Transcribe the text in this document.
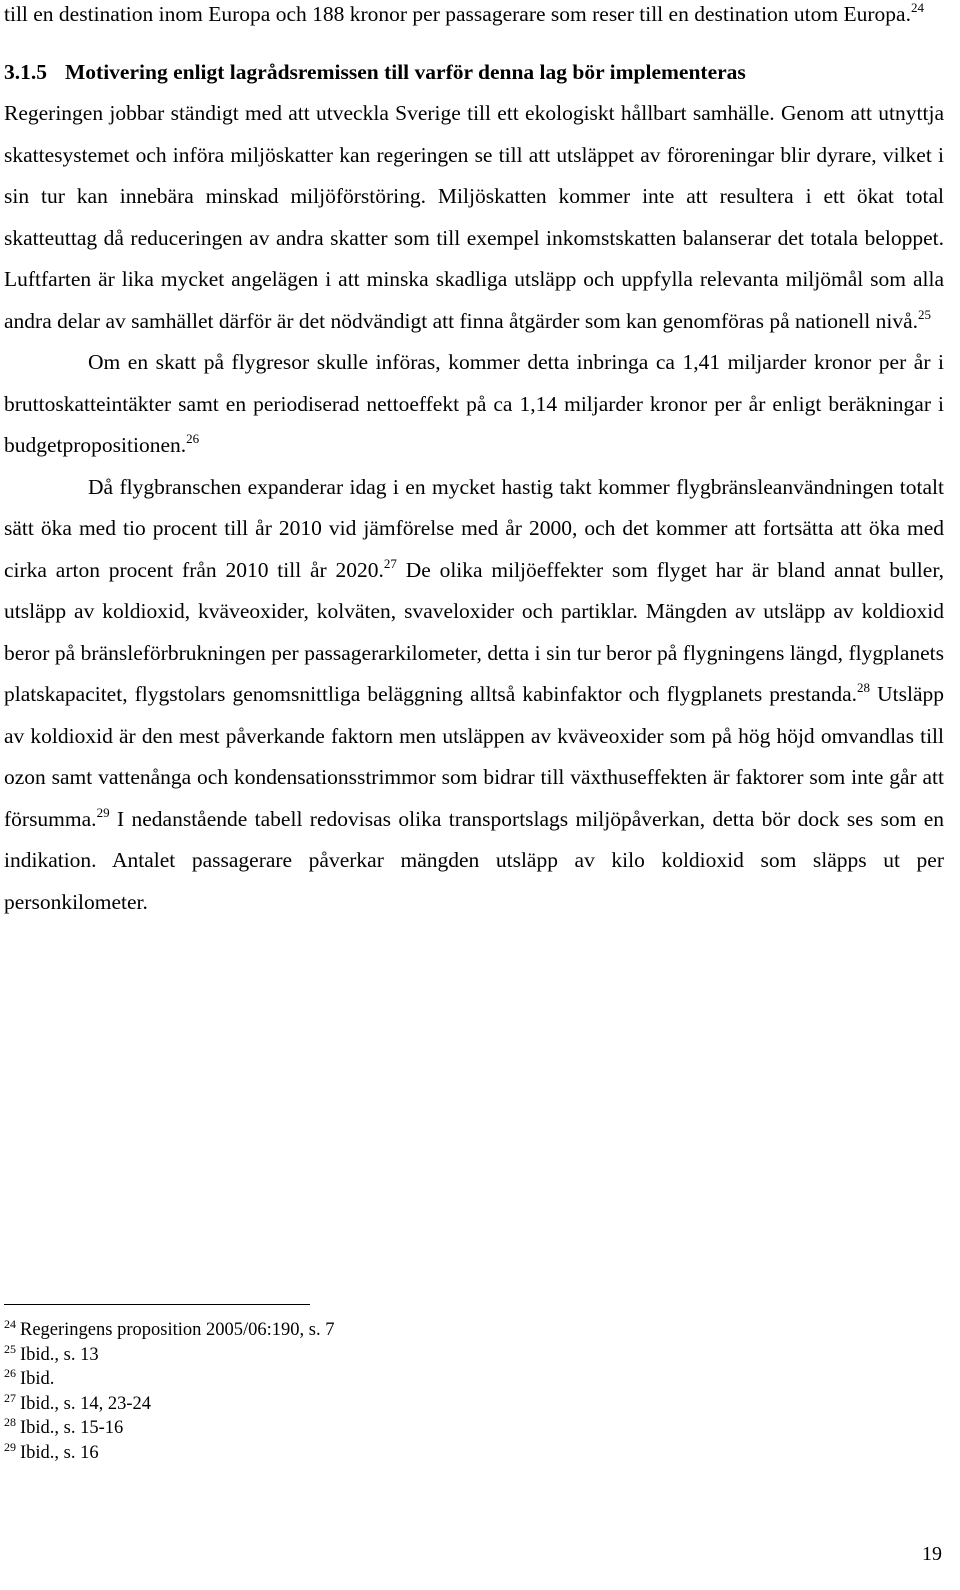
till en destination inom Europa och 188 kronor per passagerare som reser till en destination utom Europa.$^{24}$

3.1.5 Motivering enligt lagrådsremissen till varför denna lag bör implementeras

Regeringen jobbar ständigt med att utveckla Sverige till ett ekologiskt hållbart samhälle. Genom att utnyttja skattesystemet och införa miljöskatter kan regeringen se till att utsläppet av föroreningar blir dyrare, vilket i sin tur kan innebära minskad miljöförstöring. Miljöskatten kommer inte att resultera i ett ökat total skatteuttag då reduceringen av andra skatter som till exempel inkomstskatten balanserar det totala beloppet. Luftfarten är lika mycket angelägen i att minska skadliga utsläpp och uppfylla relevanta miljömål som alla andra delar av samhället därför är det nödvändigt att finna åtgärder som kan genomföras på nationell nivå.$^{25}$

Om en skatt på flygresor skulle införas, kommer detta inbringa ca 1,41 miljarder kronor per år i bruttoskatteintäkter samt en periodiserad nettoeffekt på ca 1,14 miljarder kronor per år enligt beräkningar i budgetpropositionen.$^{26}$

Då flygbranschen expanderar idag i en mycket hastig takt kommer flygbränsleanvändningen totalt sätt öka med tio procent till år 2010 vid jämförelse med år 2000, och det kommer att fortsätta att öka med cirka arton procent från 2010 till år 2020.27 De olika miljöeffekter som flyget har är bland annat buller, utsläpp av koldioxid, kväveoxider, kolväten, svaveloxider och partiklar. Mängden av utsläpp av koldioxid beror på bränsleförbrukningen per passagerarkilometer, detta i sin tur beror på flygningens längd, flygplanets platskapacitet, flygstolars genomsnittliga beläggning alltså kabinfaktor och flygplanets prestanda.$^{28}$ Utsläpp av koldioxid är den mest påverkande faktorn men utsläppen av kväveoxider som på hög höjd omvandlas till ozon samt vattenånga och kondensationsstrimmor som bidrar till växthuseffekten är faktorer som inte går att försumma.$^{29}$ I nedanstående tabell redovisas olika transportslags miljöpåverkan, detta bör dock ses som en indikation. Antalet passagerare påverkar mängden utsläpp av kilo koldioxid som släpps ut per personkilometer.

$^{24}$ Regeringens proposition 2005/06:190, s. 7

$^{25}$ Ibid., s. 13

$^{26}$ Ibid.

$^{27}$ Ibid., s. 14, 23-24

$^{28}$ Ibid., s. 15-16

$^{29}$ Ibid., s. 16

19
